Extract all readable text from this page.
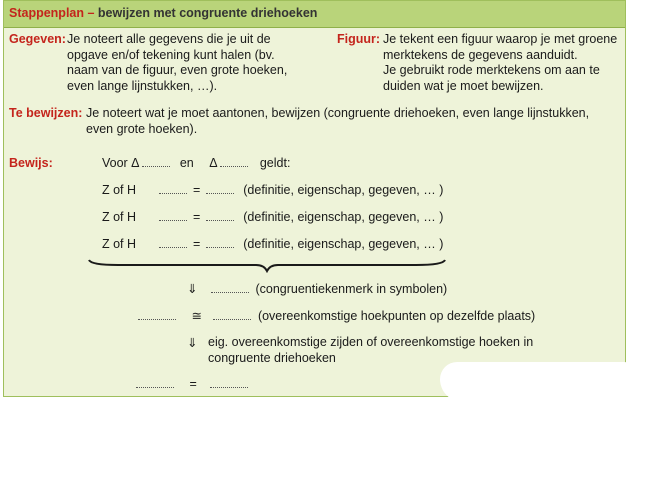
Stappenplan – bewijzen met congruente driehoeken
Gegeven: Je noteert alle gegevens die je uit de
opgave en/of tekening kunt halen (bv.
naam van de figuur, even grote hoeken,
even lange lijnstukken, …).
Figuur: Je tekent een figuur waarop je met groene
merktekens de gegevens aanduidt.
Je gebruikt rode merktekens om aan te
duiden wat je moet bewijzen.
Te bewijzen: Je noteert wat je moet aantonen, bewijzen (congruente driehoeken, even lange lijnstukken,
even grote hoeken).
Bewijs:	Voor Δ	en Δ	geldt:
Z of H	=	(definitie, eigenschap, gegeven, … )
Z of H	=	(definitie, eigenschap, gegeven, … )
Z of H	=	(definitie, eigenschap, gegeven, … )
⇓	(congruentiekenmerk in symbolen)
≅	(overeenkomstige hoekpunten op dezelfde plaats)
⇓ eig. overeenkomstige zijden of overeenkomstige hoeken in
congruente driehoeken
=
